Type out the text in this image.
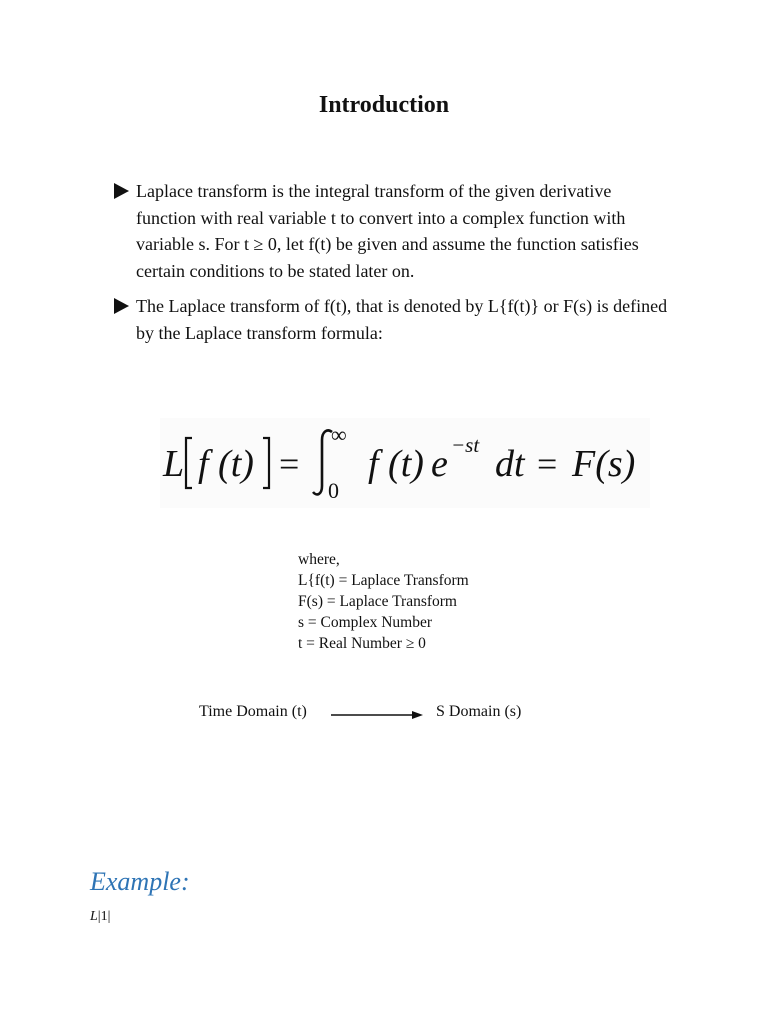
Introduction
Laplace transform is the integral transform of the given derivative function with real variable t to convert into a complex function with variable s. For t ≥ 0, let f(t) be given and assume the function satisfies certain conditions to be stated later on.
The Laplace transform of f(t), that is denoted by L{f(t)} or F(s) is defined by the Laplace transform formula:
L f (t) =
∞
0
f (t) e −st dt = F(s)
where,
L{f(t) = Laplace Transform
F(s) = Laplace Transform
s = Complex Number
t = Real Number ≥ 0
Time Domain (t)	S Domain (s)
Example:
L|1|
